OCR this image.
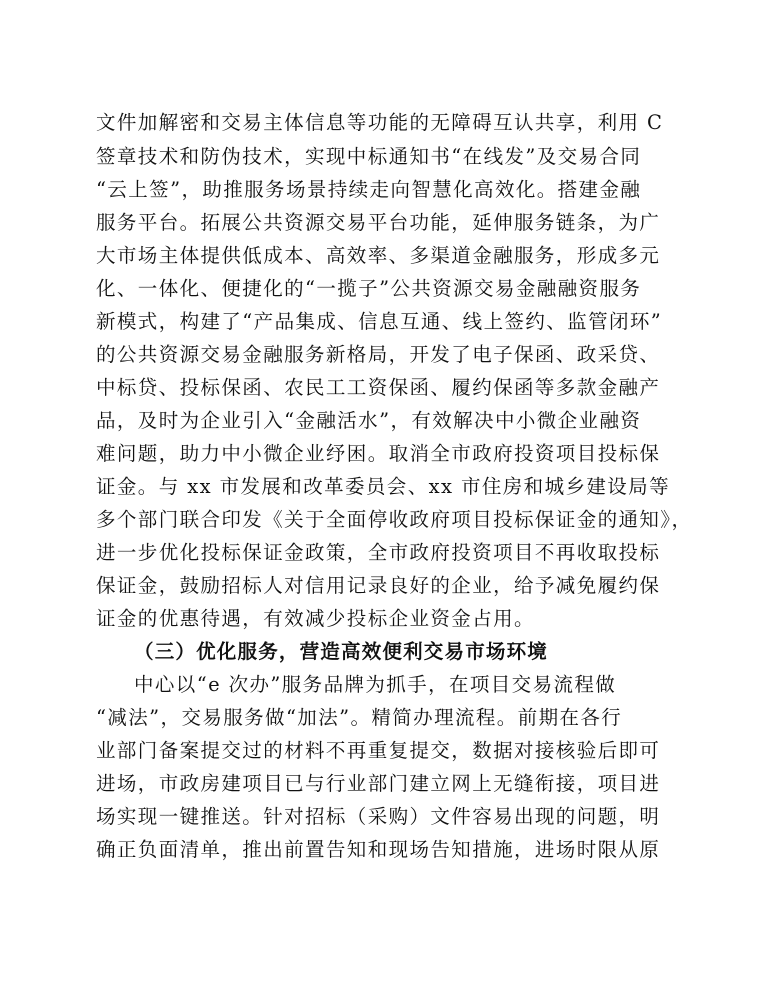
文件加解密和交易主体信息等功能的无障碍互认共享，利用 C
签章技术和防伪技术，实现中标通知书“在线发”及交易合同
“云上签”，助推服务场景持续走向智慧化高效化。搭建金融
服务平台。拓展公共资源交易平台功能，延伸服务链条，为广
大市场主体提供低成本、高效率、多渠道金融服务，形成多元
化、一体化、便捷化的“一揽子”公共资源交易金融融资服务
新模式，构建了“产品集成、信息互通、线上签约、监管闭环”
的公共资源交易金融服务新格局，开发了电子保函、政采贷、
中标贷、投标保函、农民工工资保函、履约保函等多款金融产
品，及时为企业引入“金融活水”，有效解决中小微企业融资
难问题，助力中小微企业纾困。取消全市政府投资项目投标保
证金。与 xx 市发展和改革委员会、xx 市住房和城乡建设局等
多个部门联合印发《关于全面停收政府项目投标保证金的通知》，
进一步优化投标保证金政策，全市政府投资项目不再收取投标
保证金，鼓励招标人对信用记录良好的企业，给予减免履约保
证金的优惠待遇，有效减少投标企业资金占用。
（三）优化服务，营造高效便利交易市场环境
中心以“e 次办”服务品牌为抓手，在项目交易流程做
“减法”，交易服务做“加法”。精简办理流程。前期在各行
业部门备案提交过的材料不再重复提交，数据对接核验后即可
进场，市政房建项目已与行业部门建立网上无缝衔接，项目进
场实现一键推送。针对招标（采购）文件容易出现的问题，明
确正负面清单，推出前置告知和现场告知措施，进场时限从原
